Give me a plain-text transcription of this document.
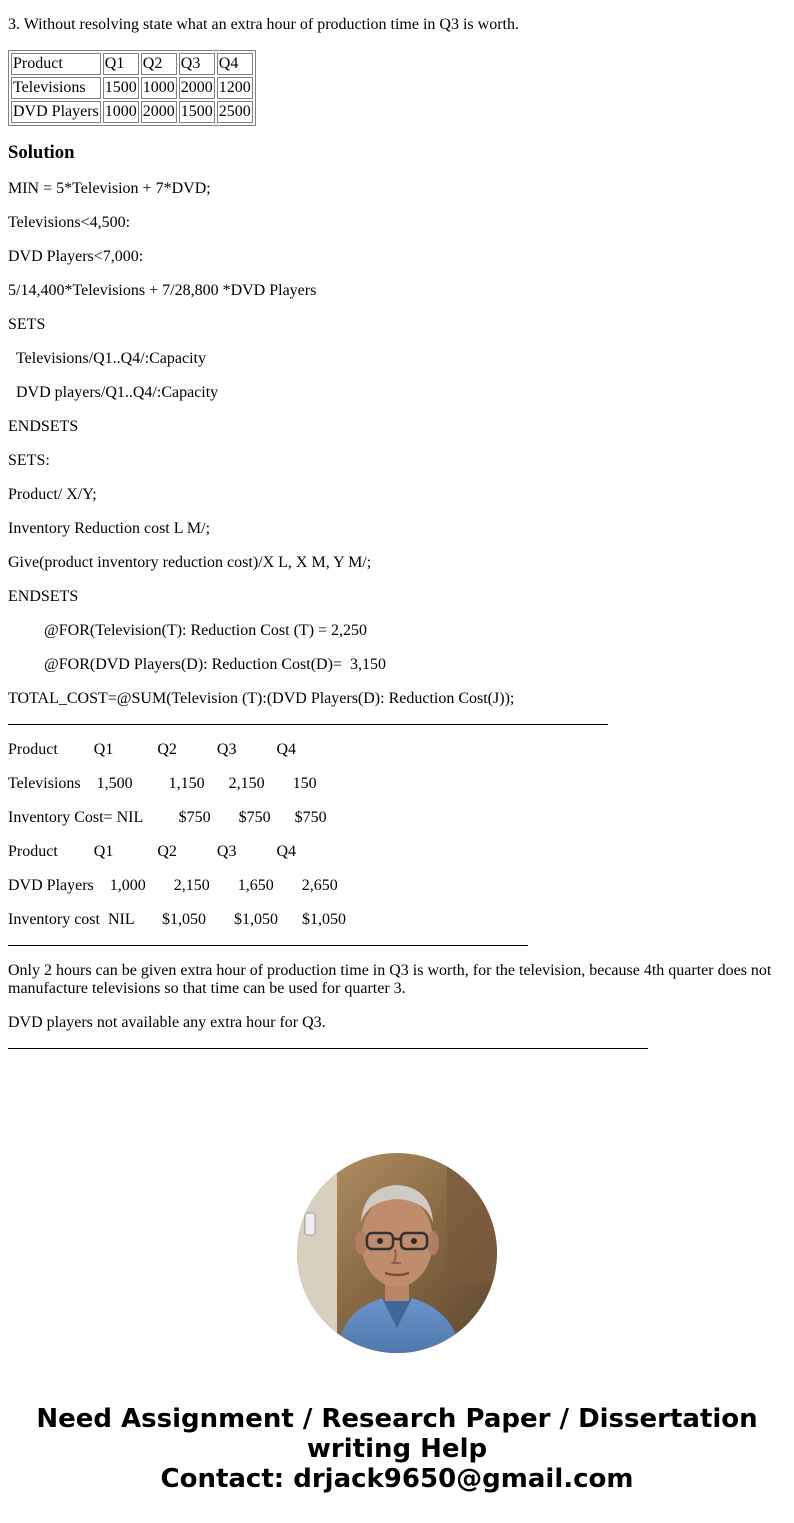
3. Without resolving state what an extra hour of production time in Q3 is worth.

Product	Q1	Q2	Q3	Q4
Televisions	1500	1000	2000	1200
DVD Players	1000	2000	1500	2500
Solution

MIN = 5*Television + 7*DVD;

Televisions<4,500:

DVD Players<7,000:

5/14,400*Televisions + 7/28,800 *DVD Players

SETS

Televisions/Q1..Q4/:Capacity

DVD players/Q1..Q4/:Capacity

ENDSETS

SETS:

Product/ X/Y;

Inventory Reduction cost L M/;

Give(product inventory reduction cost)/X L, X M, Y M/;

ENDSETS

@FOR(Television(T): Reduction Cost (T) = 2,250

@FOR(DVD Players(D): Reduction Cost(D)=  3,150

TOTAL_COST=@SUM(Television (T):(DVD Players(D): Reduction Cost(J));

Product         Q1           Q2          Q3          Q4

Televisions    1,500         1,150      2,150       150

Inventory Cost= NIL         $750       $750      $750

Product         Q1           Q2          Q3          Q4

DVD Players    1,000       2,150       1,650       2,650

Inventory cost  NIL       $1,050       $1,050      $1,050

Only 2 hours can be given extra hour of production time in Q3 is worth, for the television, because 4th quarter does not manufacture televisions so that time can be used for quarter 3.

DVD players not available any extra hour for Q3.

Need Assignment / Research Paper / Dissertation
writing Help
Contact: drjack9650@gmail.com
